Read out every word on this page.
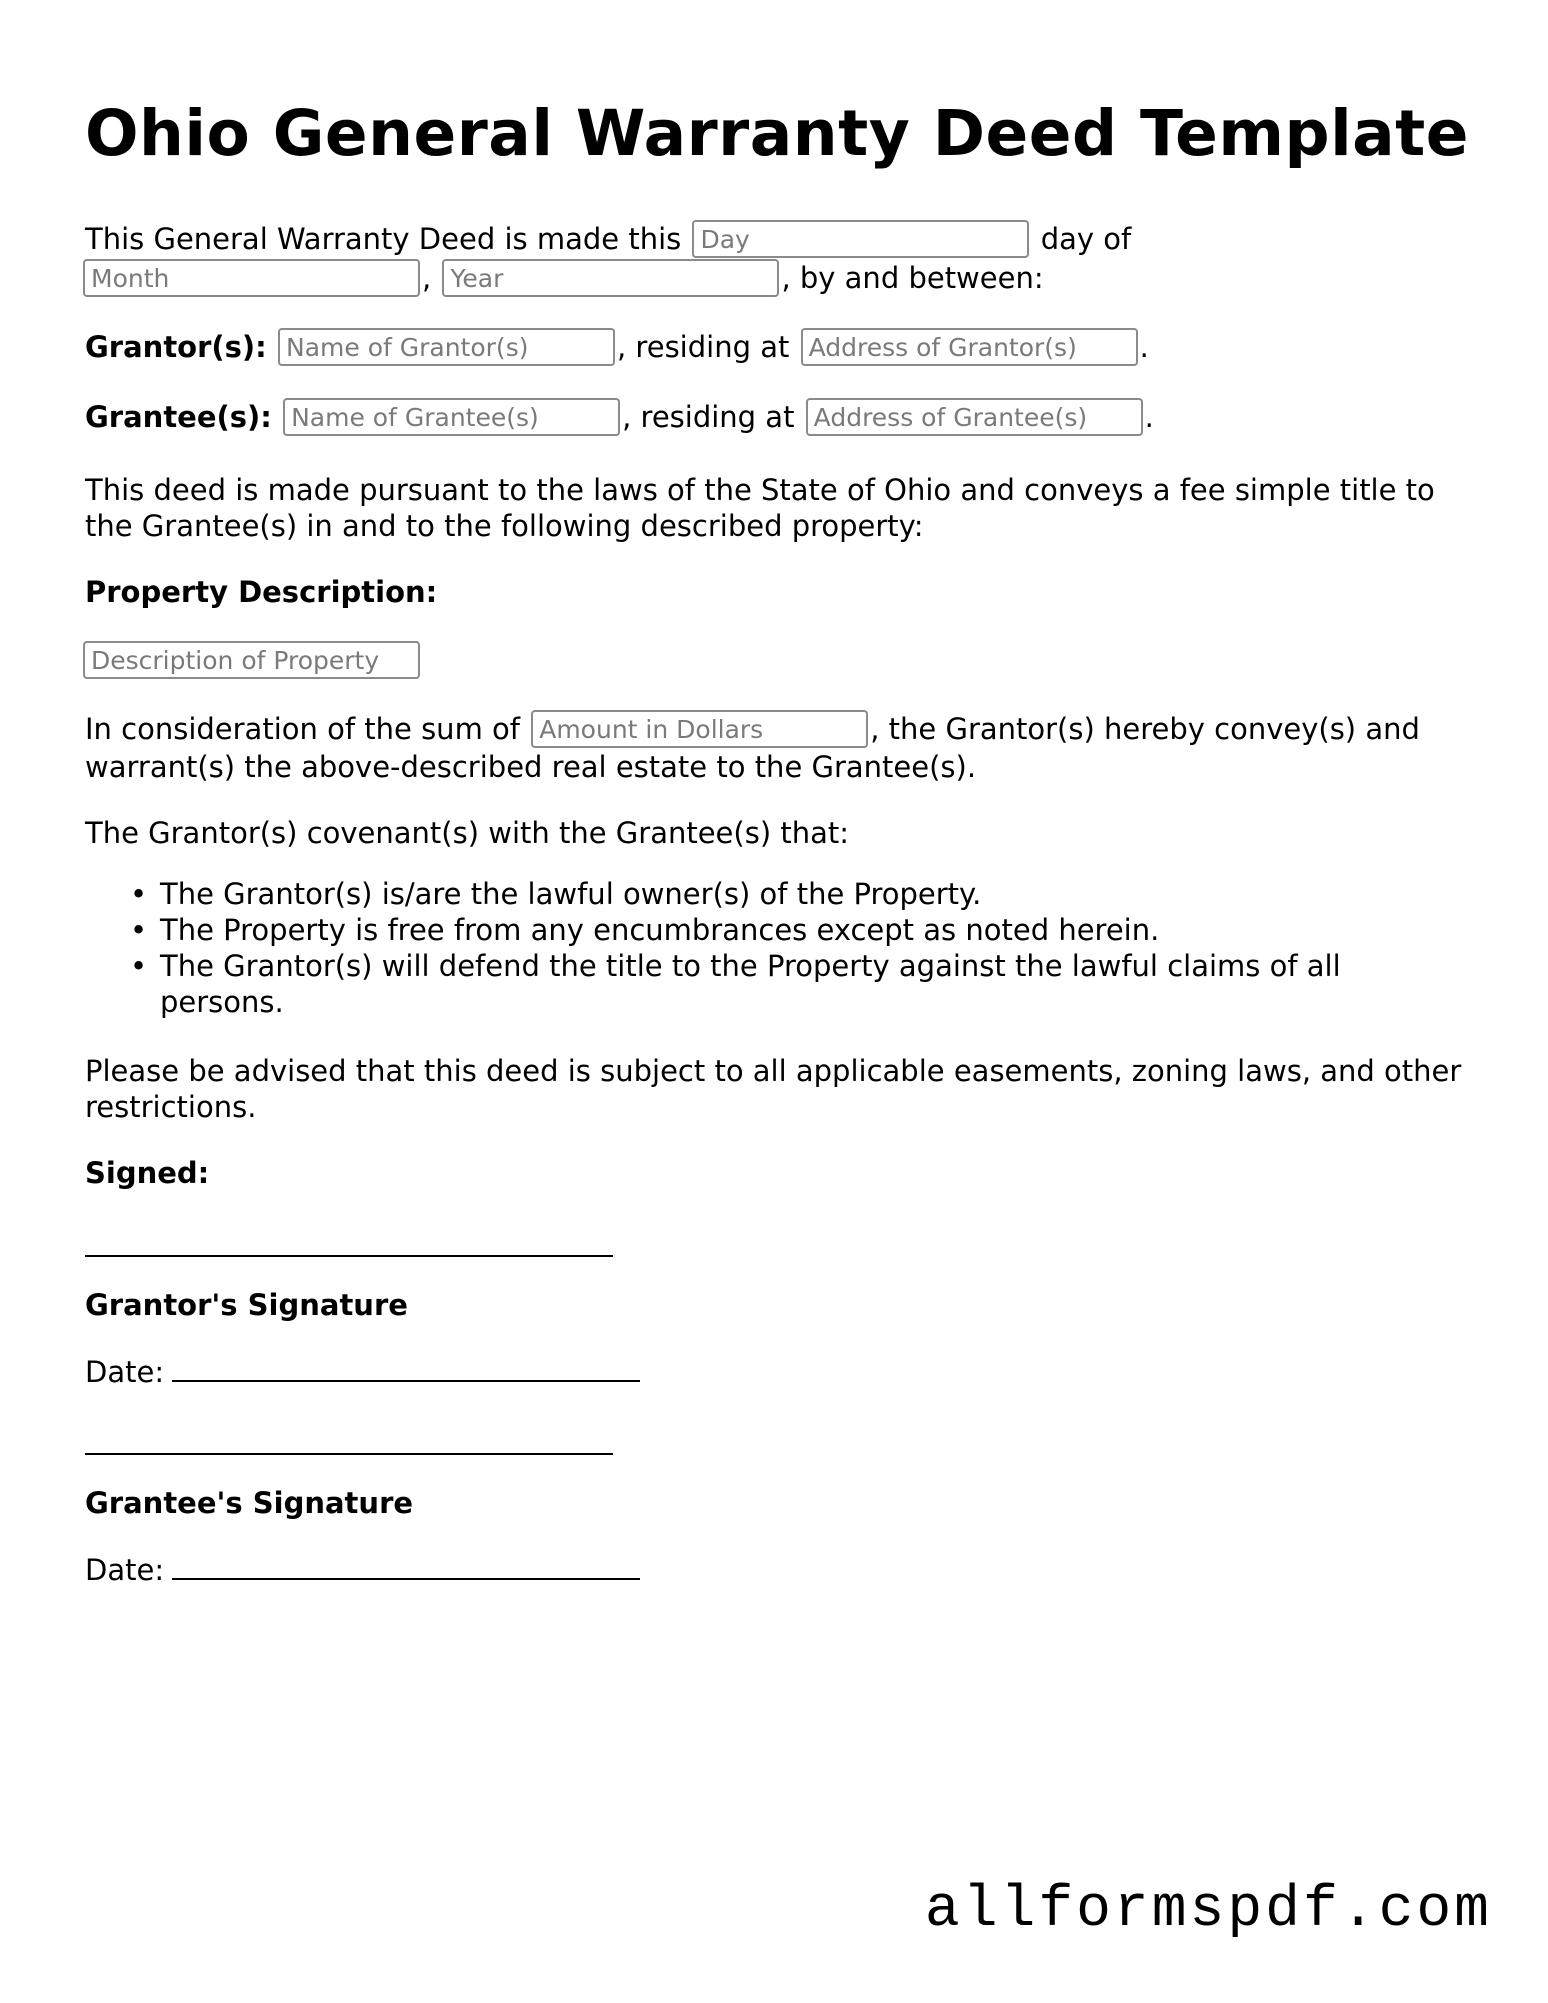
Ohio General Warranty Deed Template
This General Warranty Deed is made this Day	day of
Month, Year	, by and between:
Grantor(s): Name of Grantor(s)	, residing at Address of Grantor(s)	.
Grantee(s): Name of Grantee(s)	, residing at Address of Grantee(s)	.
This deed is made pursuant to the laws of the State of Ohio and conveys a fee simple title to the Grantee(s) in and to the following described property:
Property Description:
Description of Property
In consideration of the sum of Amount in Dollars	, the Grantor(s) hereby convey(s) and
warrant(s) the above-described real estate to the Grantee(s).
The Grantor(s) covenant(s) with the Grantee(s) that:
• The Grantor(s) is/are the lawful owner(s) of the Property.
• The Property is free from any encumbrances except as noted herein.
• The Grantor(s) will defend the title to the Property against the lawful claims of all persons.
Please be advised that this deed is subject to all applicable easements, zoning laws, and other restrictions.
Signed:
Grantor's Signature
Date:
Grantee's Signature
Date:
allformspdf.com
